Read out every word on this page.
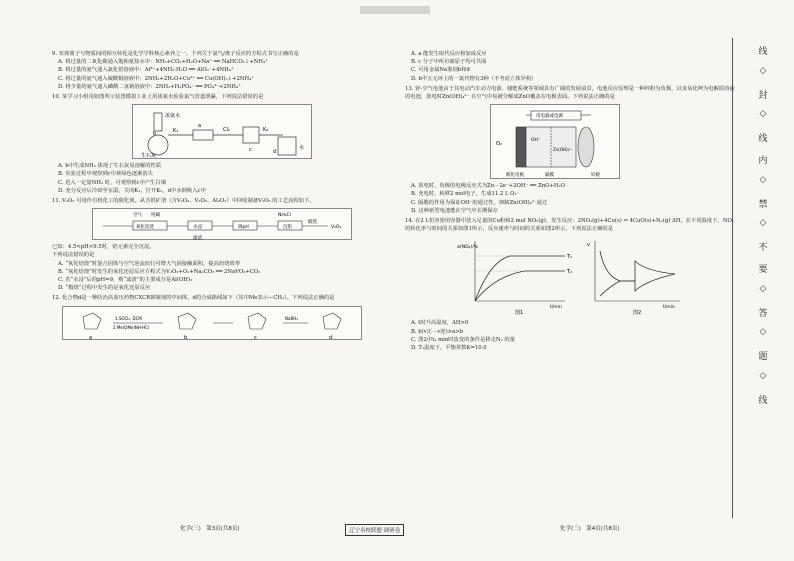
9. 实现离子与物质间的相互转化是化学学科核心素养之一。下列关于氯气/离子反应的方程式书写正确的是
A. 将过量的二氧化碳通入饱和氨盐水中：NH₃+CO₂+H₂O+Na⁺ ══ NaHCO₃↓+NH₄⁺
B. 将过量的氨气通入氯化铝溶液中：Al³⁺+4NH₃·H₂O ══ AlO₂⁻+4NH₄⁺
C. 将过量的氨气通入硫酸铜溶液中：2NH₃+2H₂O+Cu²⁺ ══ Cu(OH)₂↓+2NH₄⁺
D. 将少量的氨气通入磷酸二氢钠溶液中：2NH₃+H₂PO₄⁻ ══ PO₄³⁻+2NH₄⁺
10. 某学习小组用如图所示装置模拟工业上用浓氨水检验氯气管道泄漏，下列说法错误的是
浓氨水
生石灰
K₁
a
b
Cl₂	K₂
c	d
水
A. b中生成NH₃ 体现了生石灰易溶解的性质
B. 实验过程中观察到c中黄绿色逐渐消失
C. 进入一定量NH₃ 时，可观察到c中产生白烟
D. 充分反应后冷却至室温，关闭K₁，打开K₂，d中水倒吸入c中
11. V₂O₅ 可用作有机化工的催化剂。从含钒矿渣（含V₂O₃、V₂O₅、Al₂O₃）中回收制备V₂O₅ 的工艺流程如下。
空气 纯碱
氧化焙烧	水浸
滤渣
调pH	沉钒
NH₄Cl
煅烧
V₂O₅
已知：4.5<pH<9.5时，铝元素完全沉淀。
下列说法错误的是
A. “氧化焙烧”时混合固体与空气逆流而行可增大气固接触面积，提高焙烧效率
B. “氧化焙烧”时发生的氧化还原反应方程式为V₂O₃+O₂+Na₂CO₃ ══ 2NaVO₃+CO₂
C. 若“水浸”后的pH=9，则“滤渣”的主要成分是Al(OH)₃
D. “煅烧”过程中发生的是氧化还原反应
12. 化合物d是一种防治高血压药物CXCR抑制剂的中间体，d的合成路线如下（其中Me表示—CH₃）。下列说法正确的是
a	b	c	d
1.SOCl₂, DCM
2.Me(OMe)NH·HCl
NaBH₄
A. a 能发生取代反应和加成反应
B. c 分子中所有碳原子均可共面
C. 可用金属Na鉴别b和d
D. b中五元环上的一氯代物有3种（不考虑立体异构）
13. 锌-空气电池由于其电动汽车动力电源、储能系统等领域具有广阔的发展前景，电池反应原理是一种锌粉为负极，以氢氧化钾为电解质溶液的电池，放电时Zn(OH)₄²⁻ 在空气中易被分解成ZnO覆盖在电极表面。下列说法正确的是
用电器或电源
O₂
OH⁻
Zn(OH)₄²⁻
隔膜	锌板
催化电极
A. 放电时，负极的电极反应式为Zn－2e⁻+2OH⁻ ══ ZnO+H₂O
B. 充电时，转移2 mol电子，生成11.2 L O₂
C. 隔膜的作用为保证OH⁻的通过性，抑制Zn(OH)₄²⁻通过
D. 这种新型电池能在空气中长期保存
14. 在2 L恒容密闭容器中放入足量的Cu粉和2 mol NO₂(g)，发生反应：2NO₂(g)+4Cu(s) ⇌ 4CuO(s)+N₂(g) ΔH。在不同温度下，NO₂的转化率与时间的关系如图1所示，反应速率与时间的关系如图2所示。下列说法正确的是
α(NO₂)/%
T₁
T₂
t/min
图1
v
t/min
图2
A. t时升高温度，ΔH>0
B. b(v正－v逆)>a>b
C. 图2中t₁ min时改变的条件是移走N₂ 的量
D. T₁温度下，平衡常数K=10.0
化学(三)　第3页(共8页)	辽宁名校联盟·调研卷	化学(三)　第4页(共8页)
线
◇
封
◇
线
内
◇
禁
◇
不
要
◇
答
◇
题
◇
线
